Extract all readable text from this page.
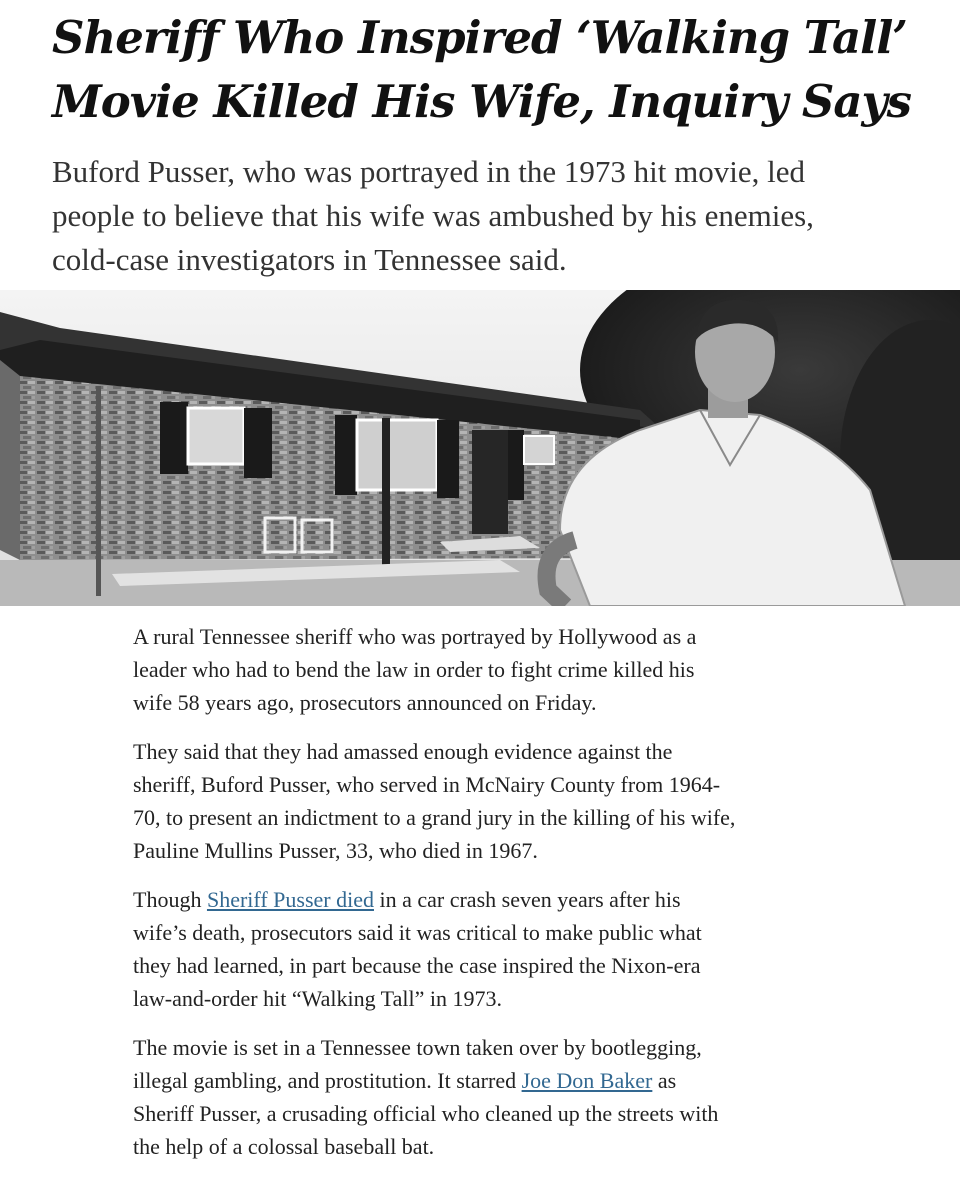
Sheriff Who Inspired ‘Walking Tall’
Movie Killed His Wife, Inquiry Says
Buford Pusser, who was portrayed in the 1973 hit movie, led
people to believe that his wife was ambushed by his enemies,
cold-case investigators in Tennessee said.

A rural Tennessee sheriff who was portrayed by Hollywood as a
leader who had to bend the law in order to fight crime killed his
wife 58 years ago, prosecutors announced on Friday.

They said that they had amassed enough evidence against the
sheriff, Buford Pusser, who served in McNairy County from 1964-
70, to present an indictment to a grand jury in the killing of his wife,
Pauline Mullins Pusser, 33, who died in 1967.

Though Sheriff Pusser died in a car crash seven years after his
wife’s death, prosecutors said it was critical to make public what
they had learned, in part because the case inspired the Nixon-era
law-and-order hit “Walking Tall” in 1973.

The movie is set in a Tennessee town taken over by bootlegging,
illegal gambling, and prostitution. It starred Joe Don Baker as
Sheriff Pusser, a crusading official who cleaned up the streets with
the help of a colossal baseball bat.
